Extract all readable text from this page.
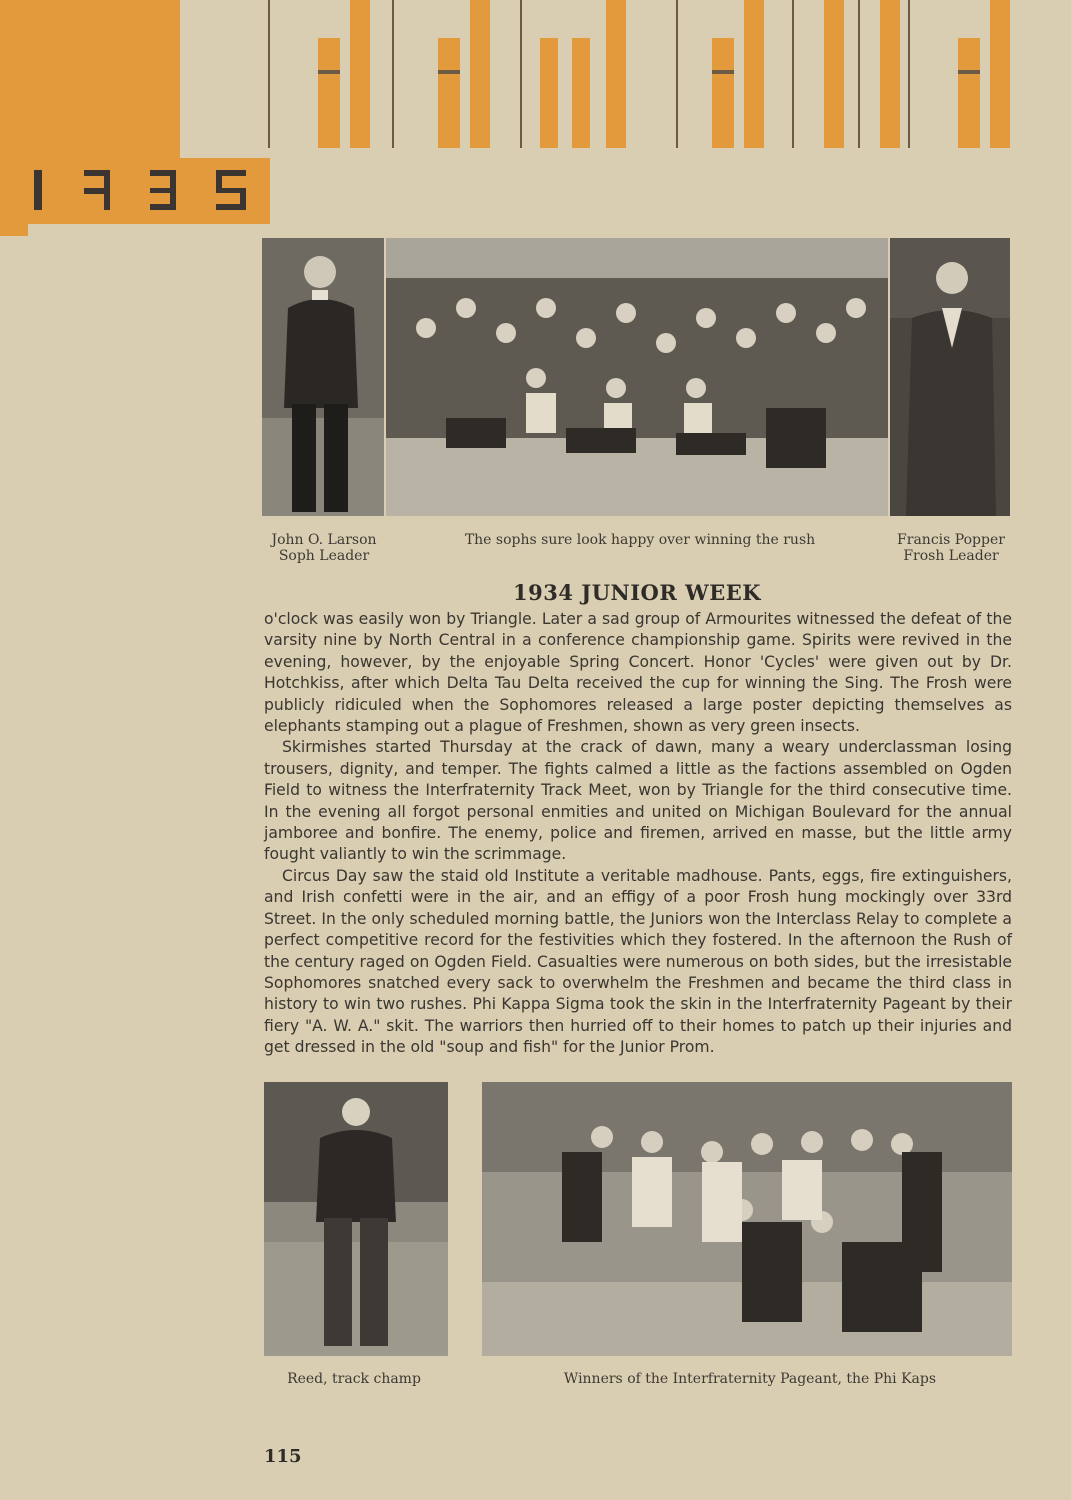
John O. Larson
Soph Leader
The sophs sure look happy over winning the rush	Francis Popper
Frosh Leader
1934 JUNIOR WEEK

o'clock was easily won by Triangle. Later a sad group of Armourites witnessed the defeat of the varsity nine by North Central in a conference championship game. Spirits were revived in the evening, however, by the enjoyable Spring Concert. Honor 'Cycles' were given out by Dr. Hotchkiss, after which Delta Tau Delta received the cup for winning the Sing. The Frosh were publicly ridiculed when the Sophomores released a large poster depicting themselves as elephants stamping out a plague of Freshmen, shown as very green insects.

Skirmishes started Thursday at the crack of dawn, many a weary underclassman losing trousers, dignity, and temper. The fights calmed a little as the factions assembled on Ogden Field to witness the Interfraternity Track Meet, won by Triangle for the third consecutive time. In the evening all forgot personal enmities and united on Michigan Boulevard for the annual jamboree and bonfire. The enemy, police and firemen, arrived en masse, but the little army fought valiantly to win the scrimmage.

Circus Day saw the staid old Institute a veritable madhouse. Pants, eggs, fire extinguishers, and Irish confetti were in the air, and an effigy of a poor Frosh hung mockingly over 33rd Street. In the only scheduled morning battle, the Juniors won the Interclass Relay to complete a perfect competitive record for the festivities which they fostered. In the afternoon the Rush of the century raged on Ogden Field. Casualties were numerous on both sides, but the irresistable Sophomores snatched every sack to overwhelm the Freshmen and became the third class in history to win two rushes. Phi Kappa Sigma took the skin in the Interfraternity Pageant by their fiery "A. W. A." skit. The warriors then hurried off to their homes to patch up their injuries and get dressed in the old "soup and fish" for the Junior Prom.

Reed, track champ	Winners of the Interfraternity Pageant, the Phi Kaps
115
